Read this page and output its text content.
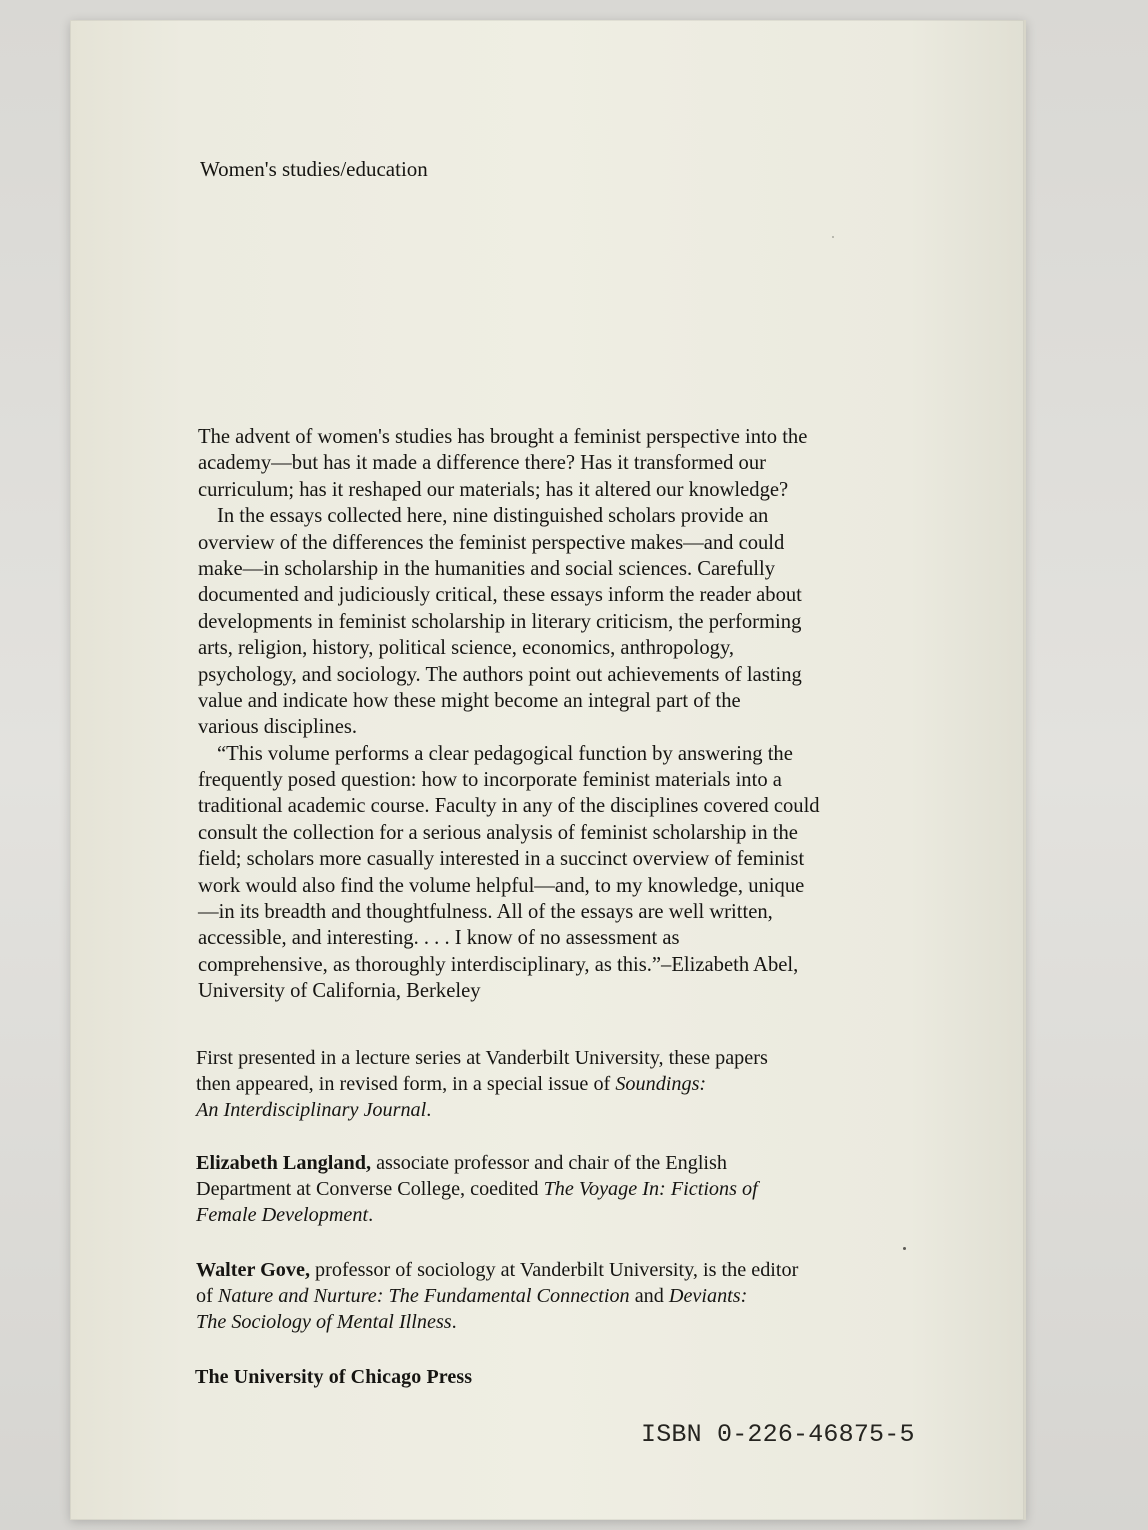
Women's studies/education
The advent of women's studies has brought a feminist perspective into the
academy—but has it made a difference there? Has it transformed our
curriculum; has it reshaped our materials; has it altered our knowledge?
In the essays collected here, nine distinguished scholars provide an
overview of the differences the feminist perspective makes—and could
make—in scholarship in the humanities and social sciences. Carefully
documented and judiciously critical, these essays inform the reader about
developments in feminist scholarship in literary criticism, the performing
arts, religion, history, political science, economics, anthropology,
psychology, and sociology. The authors point out achievements of lasting
value and indicate how these might become an integral part of the
various disciplines.
“This volume performs a clear pedagogical function by answering the
frequently posed question: how to incorporate feminist materials into a
traditional academic course. Faculty in any of the disciplines covered could
consult the collection for a serious analysis of feminist scholarship in the
field; scholars more casually interested in a succinct overview of feminist
work would also find the volume helpful—and, to my knowledge, unique
—in its breadth and thoughtfulness. All of the essays are well written,
accessible, and interesting. . . . I know of no assessment as
comprehensive, as thoroughly interdisciplinary, as this.”–Elizabeth Abel,
University of California, Berkeley
First presented in a lecture series at Vanderbilt University, these papers
then appeared, in revised form, in a special issue of Soundings:
An Interdisciplinary Journal.
Elizabeth Langland, associate professor and chair of the English
Department at Converse College, coedited The Voyage In: Fictions of
Female Development.
Walter Gove, professor of sociology at Vanderbilt University, is the editor
of Nature and Nurture: The Fundamental Connection and Deviants:
The Sociology of Mental Illness.
The University of Chicago Press
ISBN 0-226-46875-5
